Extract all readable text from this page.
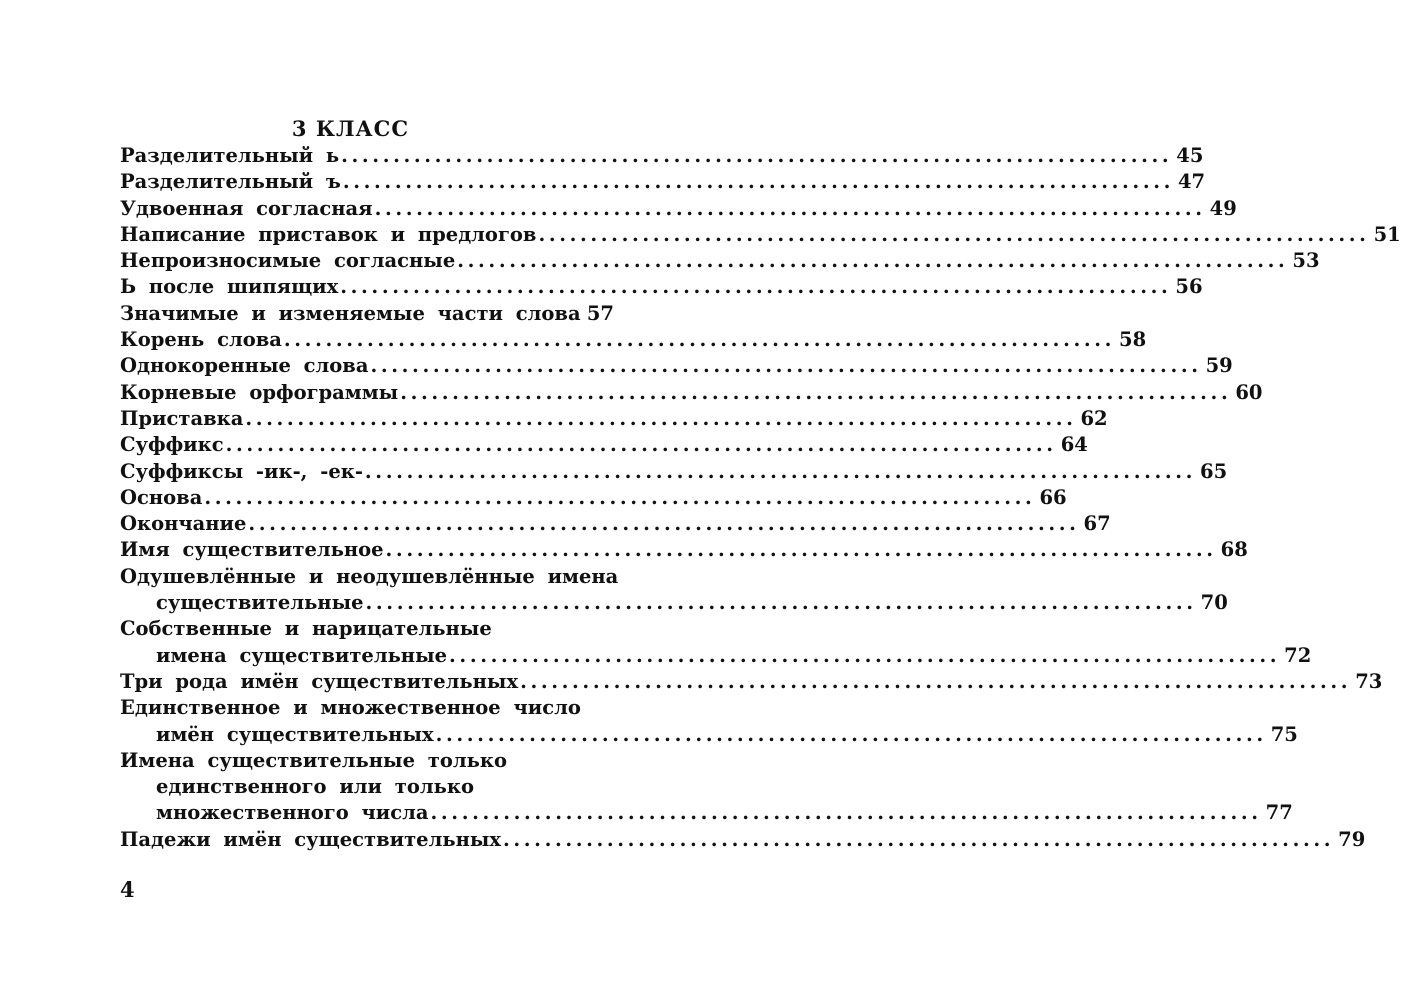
3 КЛАСС
Разделительный ь ................................................................................ 45
Разделительный ъ ................................................................................ 47
Удвоенная согласная ................................................................................ 49
Написание приставок и предлогов ................................................................................ 51
Непроизносимые согласные ................................................................................ 53
Ь после шипящих ................................................................................ 56
Значимые и изменяемые части слова 57
Корень слова ................................................................................ 58
Однокоренные слова ................................................................................ 59
Корневые орфограммы ................................................................................ 60
Приставка ................................................................................ 62
Суффикс ................................................................................ 64
Суффиксы -ик-, -ек- ................................................................................ 65
Основа ................................................................................ 66
Окончание ................................................................................ 67
Имя существительное ................................................................................ 68
Одушевлённые и неодушевлённые имена
существительные ................................................................................ 70
Собственные и нарицательные
имена существительные ................................................................................ 72
Три рода имён существительных ................................................................................ 73
Единственное и множественное число
имён существительных ................................................................................ 75
Имена существительные только
единственного или только
множественного числа ................................................................................ 77
Падежи имён существительных ................................................................................ 79
4
